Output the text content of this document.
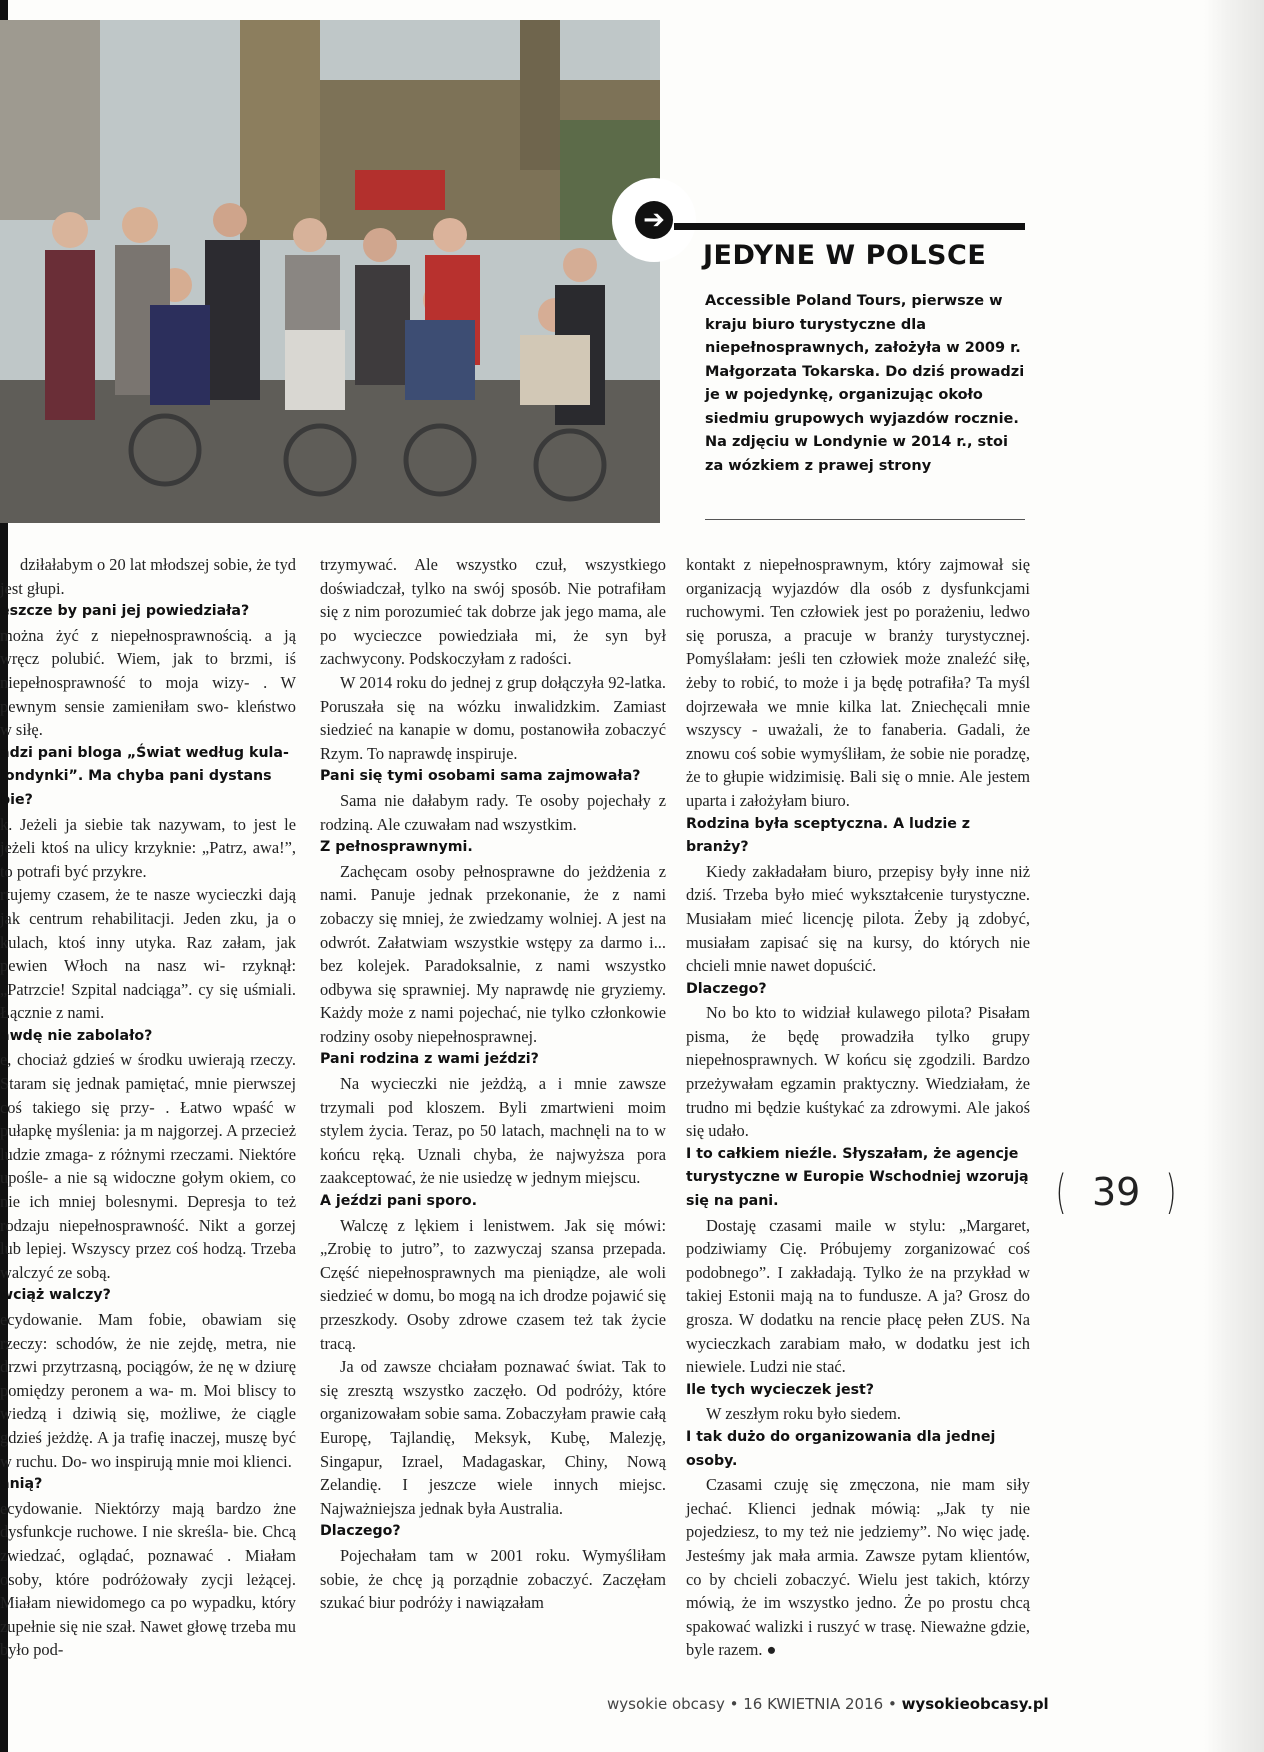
➔
JEDYNE W POLSCE
Accessible Poland Tours, pierwsze w kraju biuro turystyczne dla niepełnosprawnych, założyła w 2009 r. Małgorzata Tokarska. Do dziś prowadzi je w pojedynkę, organizując około siedmiu grupowych wyjazdów rocznie. Na zdjęciu w Londynie w 2014 r., stoi za wózkiem z prawej strony

dziłałabym o 20 lat młodszej sobie, że tyd jest głupi.

eszcze by pani jej powiedziała?

można żyć z niepełnosprawnością. a ją wręcz polubić. Wiem, jak to brzmi, iś niepełnosprawność to moja wizy- . W pewnym sensie zamieniłam swo- kleństwo w siłę.

adzi pani bloga „Świat według kula- londynki”. Ma chyba pani dystans bie?

k. Jeżeli ja siebie tak nazywam, to jest le jeżeli ktoś na ulicy krzyknie: „Patrz, awa!”, to potrafi być przykre.

rtujemy czasem, że te nasze wycieczki dają jak centrum rehabilitacji. Jeden zku, ja o kulach, ktoś inny utyka. Raz załam, jak pewien Włoch na nasz wi- rzyknął: „Patrzcie! Szpital nadciąga”. cy się uśmiali. Łącznie z nami.

awdę nie zabolało?

e, chociaż gdzieś w środku uwierają rzeczy. Staram się jednak pamiętać, mnie pierwszej coś takiego się przy- . Łatwo wpaść w pułapkę myślenia: ja m najgorzej. A przecież ludzie zmaga- z różnymi rzeczami. Niektóre upośle- a nie są widoczne gołym okiem, co nie ich mniej bolesnymi. Depresja to też rodzaju niepełnosprawność. Nikt a gorzej lub lepiej. Wszyscy przez coś hodzą. Trzeba walczyć ze sobą.

wciąż walczy?

ecydowanie. Mam fobie, obawiam się rzeczy: schodów, że nie zejdę, metra, nie drzwi przytrzasną, pociągów, że nę w dziurę pomiędzy peronem a wa- m. Moi bliscy to wiedzą i dziwią się, możliwe, że ciągle gdzieś jeżdżę. A ja trafię inaczej, muszę być w ruchu. Do- wo inspirują mnie moi klienci.

anią?

ecydowanie. Niektórzy mają bardzo żne dysfunkcje ruchowe. I nie skreśla- bie. Chcą zwiedzać, oglądać, poznawać . Miałam osoby, które podróżowały zycji leżącej. Miałam niewidomego ca po wypadku, który zupełnie się nie szał. Nawet głowę trzeba mu było pod-

trzymywać. Ale wszystko czuł, wszystkiego doświadczał, tylko na swój sposób. Nie potrafiłam się z nim porozumieć tak dobrze jak jego mama, ale po wycieczce powiedziała mi, że syn był zachwycony. Podskoczyłam z radości.

W 2014 roku do jednej z grup dołączyła 92-latka. Poruszała się na wózku inwalidzkim. Zamiast siedzieć na kanapie w domu, postanowiła zobaczyć Rzym. To naprawdę inspiruje.

Pani się tymi osobami sama zajmowała?

Sama nie dałabym rady. Te osoby pojechały z rodziną. Ale czuwałam nad wszystkim.

Z pełnosprawnymi.

Zachęcam osoby pełnosprawne do jeżdżenia z nami. Panuje jednak przekonanie, że z nami zobaczy się mniej, że zwiedzamy wolniej. A jest na odwrót. Załatwiam wszystkie wstępy za darmo i... bez kolejek. Paradoksalnie, z nami wszystko odbywa się sprawniej. My naprawdę nie gryziemy. Każdy może z nami pojechać, nie tylko członkowie rodziny osoby niepełnosprawnej.

Pani rodzina z wami jeździ?

Na wycieczki nie jeżdżą, a i mnie zawsze trzymali pod kloszem. Byli zmartwieni moim stylem życia. Teraz, po 50 latach, machnęli na to w końcu ręką. Uznali chyba, że najwyższa pora zaakceptować, że nie usiedzę w jednym miejscu.

A jeździ pani sporo.

Walczę z lękiem i lenistwem. Jak się mówi: „Zrobię to jutro”, to zazwyczaj szansa przepada. Część niepełnosprawnych ma pieniądze, ale woli siedzieć w domu, bo mogą na ich drodze pojawić się przeszkody. Osoby zdrowe czasem też tak życie tracą.

Ja od zawsze chciałam poznawać świat. Tak to się zresztą wszystko zaczęło. Od podróży, które organizowałam sobie sama. Zobaczyłam prawie całą Europę, Tajlandię, Meksyk, Kubę, Malezję, Singapur, Izrael, Madagaskar, Chiny, Nową Zelandię. I jeszcze wiele innych miejsc. Najważniejsza jednak była Australia.

Dlaczego?

Pojechałam tam w 2001 roku. Wymyśliłam sobie, że chcę ją porządnie zobaczyć. Zaczęłam szukać biur podróży i nawiązałam

kontakt z niepełnosprawnym, który zajmował się organizacją wyjazdów dla osób z dysfunkcjami ruchowymi. Ten człowiek jest po porażeniu, ledwo się porusza, a pracuje w branży turystycznej. Pomyślałam: jeśli ten człowiek może znaleźć siłę, żeby to robić, to może i ja będę potrafiła? Ta myśl dojrzewała we mnie kilka lat. Zniechęcali mnie wszyscy - uważali, że to fanaberia. Gadali, że znowu coś sobie wymyśliłam, że sobie nie poradzę, że to głupie widzimisię. Bali się o mnie. Ale jestem uparta i założyłam biuro.

Rodzina była sceptyczna. A ludzie z branży?

Kiedy zakładałam biuro, przepisy były inne niż dziś. Trzeba było mieć wykształcenie turystyczne. Musiałam mieć licencję pilota. Żeby ją zdobyć, musiałam zapisać się na kursy, do których nie chcieli mnie nawet dopuścić.

Dlaczego?

No bo kto to widział kulawego pilota? Pisałam pisma, że będę prowadziła tylko grupy niepełnosprawnych. W końcu się zgodzili. Bardzo przeżywałam egzamin praktyczny. Wiedziałam, że trudno mi będzie kuśtykać za zdrowymi. Ale jakoś się udało.

I to całkiem nieźle. Słyszałam, że agencje turystyczne w Europie Wschodniej wzorują się na pani.

Dostaję czasami maile w stylu: „Margaret, podziwiamy Cię. Próbujemy zorganizować coś podobnego”. I zakładają. Tylko że na przykład w takiej Estonii mają na to fundusze. A ja? Grosz do grosza. W dodatku na rencie płacę pełen ZUS. Na wycieczkach zarabiam mało, w dodatku jest ich niewiele. Ludzi nie stać.

Ile tych wycieczek jest?

W zeszłym roku było siedem.

I tak dużo do organizowania dla jednej osoby.

Czasami czuję się zmęczona, nie mam siły jechać. Klienci jednak mówią: „Jak ty nie pojedziesz, to my też nie jedziemy”. No więc jadę. Jesteśmy jak mała armia. Zawsze pytam klientów, co by chcieli zobaczyć. Wielu jest takich, którzy mówią, że im wszystko jedno. Że po prostu chcą spakować walizki i ruszyć w trasę. Nieważne gdzie, byle razem. ●

( 39 )
wysokie obcasy • 16 KWIETNIA 2016 • wysokieobcasy.pl
